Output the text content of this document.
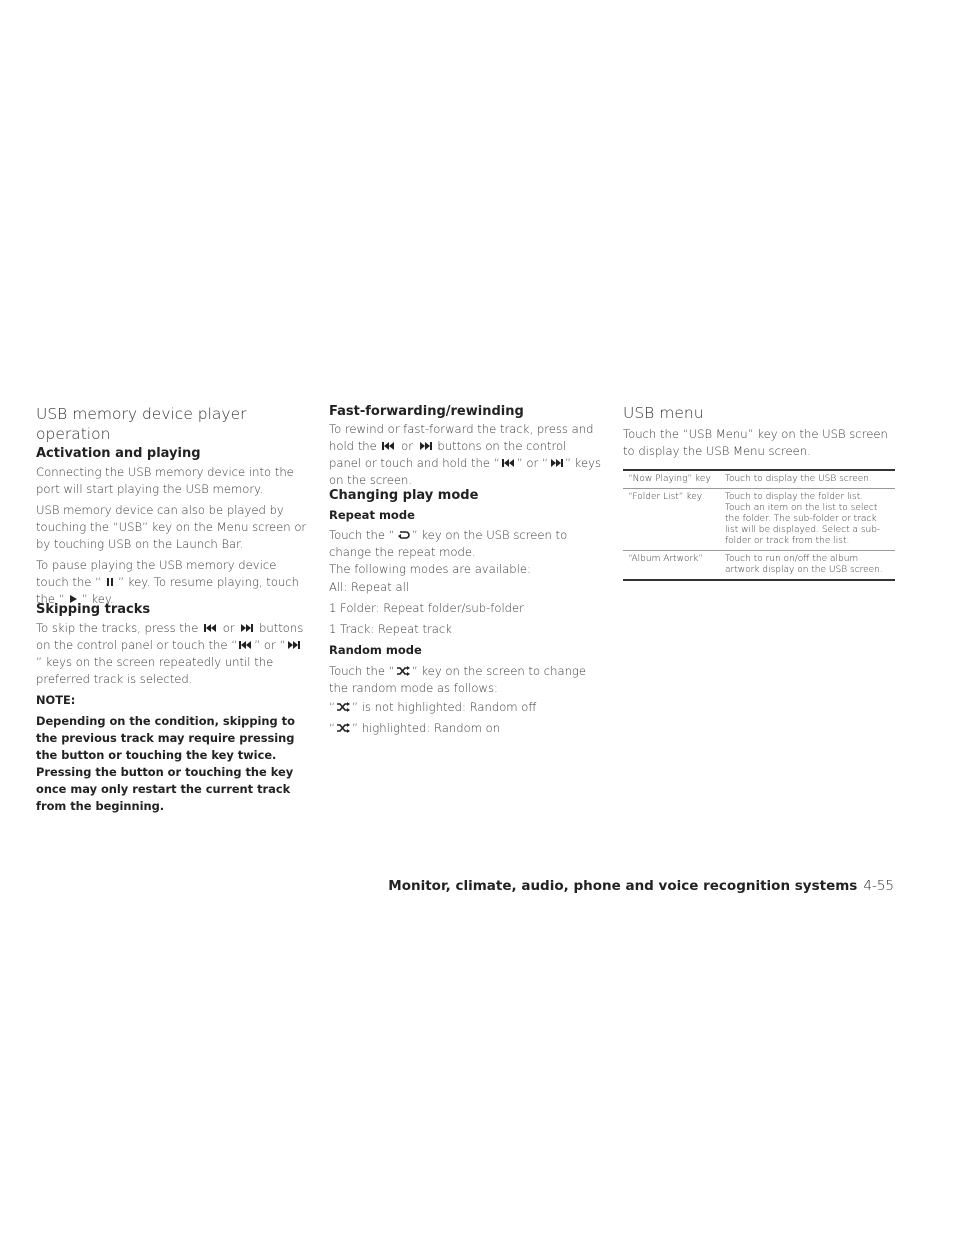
USB memory device player operation
Activation and playing

Connecting the USB memory device into the port will start playing the USB memory.

USB memory device can also be played by touching the “USB” key on the Menu screen or by touching USB on the Launch Bar.

To pause playing the USB memory device touch the “ ” key. To resume playing, touch the “ ” key.

Skipping tracks

To skip the tracks, press the or buttons on the control panel or touch the “ ” or “
” keys on the screen repeatedly until the preferred track is selected.

NOTE:

Depending on the condition, skipping to the previous track may require pressing the button or touching the key twice. Pressing the button or touching the key once may only restart the current track from the beginning.

Fast-forwarding/rewinding

To rewind or fast-forward the track, press and hold the or buttons on the control panel or touch and hold the “ ” or “ ” keys on the screen.

Changing play mode
Repeat mode

Touch the “ ” key on the USB screen to change the repeat mode.
The following modes are available:

All: Repeat all

1 Folder: Repeat folder/sub-folder

1 Track: Repeat track

Random mode

Touch the “ ” key on the screen to change the random mode as follows:

“ ” is not highlighted: Random off

“ ” highlighted: Random on

USB menu

Touch the “USB Menu” key on the USB screen to display the USB Menu screen.

“Now Playing” key	Touch to display the USB screen.
“Folder List” key	Touch to display the folder list. Touch an item on the list to select the folder. The sub-folder or track list will be displayed. Select a sub-folder or track from the list.
“Album Artwork”	Touch to run on/off the album artwork display on the USB screen.
Monitor, climate, audio, phone and voice recognition systems 4-55
